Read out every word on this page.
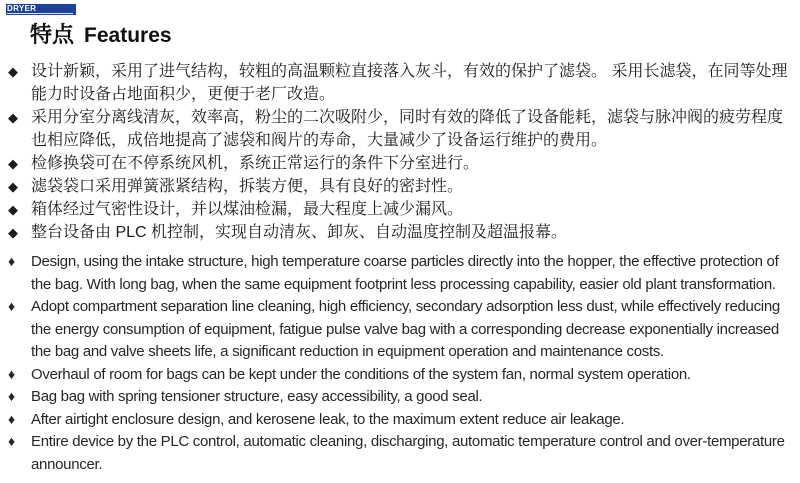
DRYER
特点 Features
◆ 设计新颖，采用了进气结构，较粗的高温颗粒直接落入灰斗，有效的保护了滤袋。 采用长滤袋，在同等处理能力时设备占地面积少，更便于老厂改造。
◆ 采用分室分离线清灰，效率高，粉尘的二次吸附少，同时有效的降低了设备能耗，滤袋与脉冲阀的疲劳程度也相应降低，成倍地提高了滤袋和阀片的寿命，大量减少了设备运行维护的费用。
◆ 检修换袋可在不停系统风机，系统正常运行的条件下分室进行。
◆ 滤袋袋口采用弹簧涨紧结构，拆装方便，具有良好的密封性。
◆ 箱体经过气密性设计，并以煤油检漏，最大程度上减少漏风。
◆ 整台设备由 PLC 机控制，实现自动清灰、卸灰、自动温度控制及超温报幕。
♦ Design, using the intake structure, high temperature coarse particles directly into the hopper, the effective protection of the bag. With long bag, when the same equipment footprint less processing capability, easier old plant transformation.
♦ Adopt compartment separation line cleaning, high efficiency, secondary adsorption less dust, while effectively reducing the energy consumption of equipment, fatigue pulse valve bag with a corresponding decrease exponentially increased the bag and valve sheets life, a significant reduction in equipment operation and maintenance costs.
♦ Overhaul of room for bags can be kept under the conditions of the system fan, normal system operation.
♦ Bag bag with spring tensioner structure, easy accessibility, a good seal.
♦ After airtight enclosure design, and kerosene leak, to the maximum extent reduce air leakage.
♦ Entire device by the PLC control, automatic cleaning, discharging, automatic temperature control and over-temperature announcer.
